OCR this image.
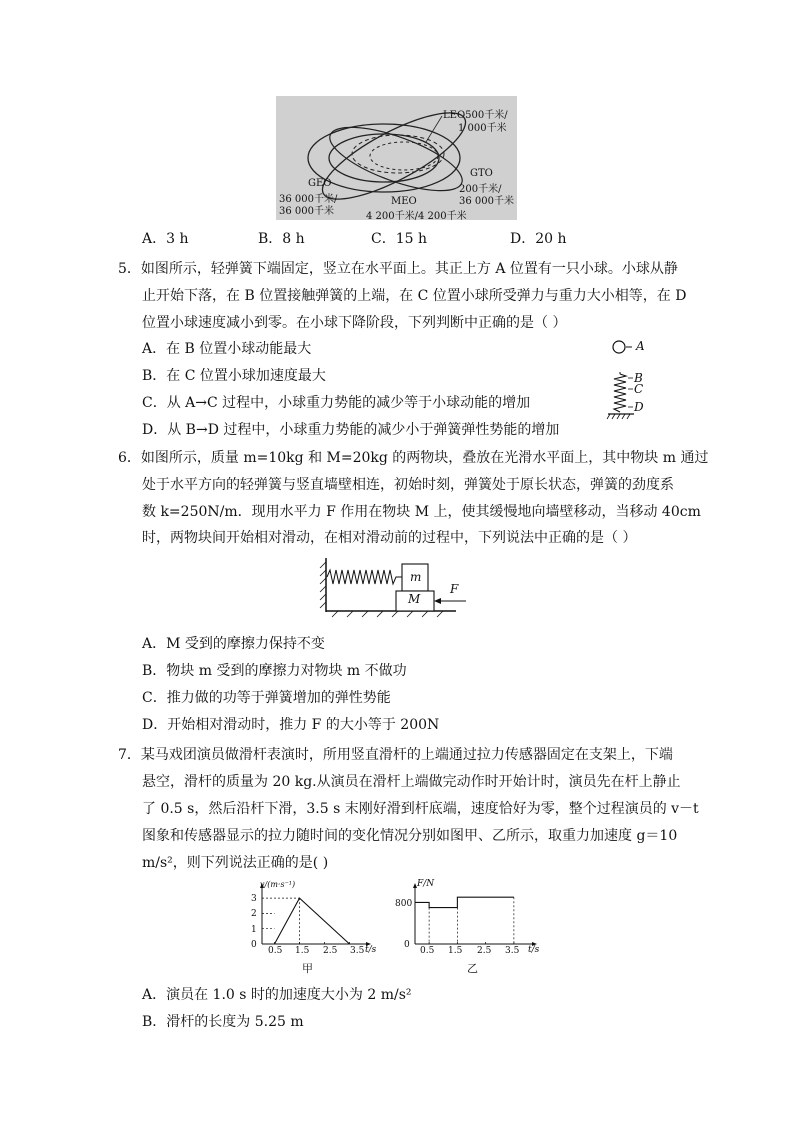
LEO500千米/
1 000千米
GTO
200千米/
36 000千米
GEO
36 000千米/
36 000千米
MEO
4 200千米/4 200千米
A．3 h	B．8 h	C．15 h	D．20 h
5．如图所示，轻弹簧下端固定，竖立在水平面上。其正上方 A 位置有一只小球。小球从静
止开始下落，在 B 位置接触弹簧的上端，在 C 位置小球所受弹力与重力大小相等，在 D
位置小球速度减小到零。在小球下降阶段，下列判断中正确的是（ ）
A．在 B 位置小球动能最大
B．在 C 位置小球加速度最大
C．从 A→C 过程中，小球重力势能的减少等于小球动能的增加
D．从 B→D 过程中，小球重力势能的减少小于弹簧弹性势能的增加
A
B
C
D
6．如图所示，质量 m=10kg 和 M=20kg 的两物块，叠放在光滑水平面上，其中物块 m 通过
处于水平方向的轻弹簧与竖直墙壁相连，初始时刻，弹簧处于原长状态，弹簧的劲度系
数 k=250N/m．现用水平力 F 作用在物块 M 上，使其缓慢地向墙壁移动，当移动 40cm
时，两物块间开始相对滑动，在相对滑动前的过程中，下列说法中正确的是（ ）
m
M
F
A．M 受到的摩擦力保持不变
B．物块 m 受到的摩擦力对物块 m 不做功
C．推力做的功等于弹簧增加的弹性势能
D．开始相对滑动时，推力 F 的大小等于 200N
7．某马戏团演员做滑杆表演时，所用竖直滑杆的上端通过拉力传感器固定在支架上，下端
悬空，滑杆的质量为 20 kg.从演员在滑杆上端做完动作时开始计时，演员先在杆上静止
了 0.5 s，然后沿杆下滑，3.5 s 末刚好滑到杆底端，速度恰好为零，整个过程演员的 v－t
图象和传感器显示的拉力随时间的变化情况分别如图甲、乙所示，取重力加速度 g＝10
m/s²，则下列说法正确的是( )
v/(m·s⁻¹)
3
2
1
0
0.5 1.5 2.5 3.5 t/s
甲
F/N
800
0
0.5 1.5 2.5 3.5 t/s
乙
A．演员在 1.0 s 时的加速度大小为 2 m/s²
B．滑杆的长度为 5.25 m
